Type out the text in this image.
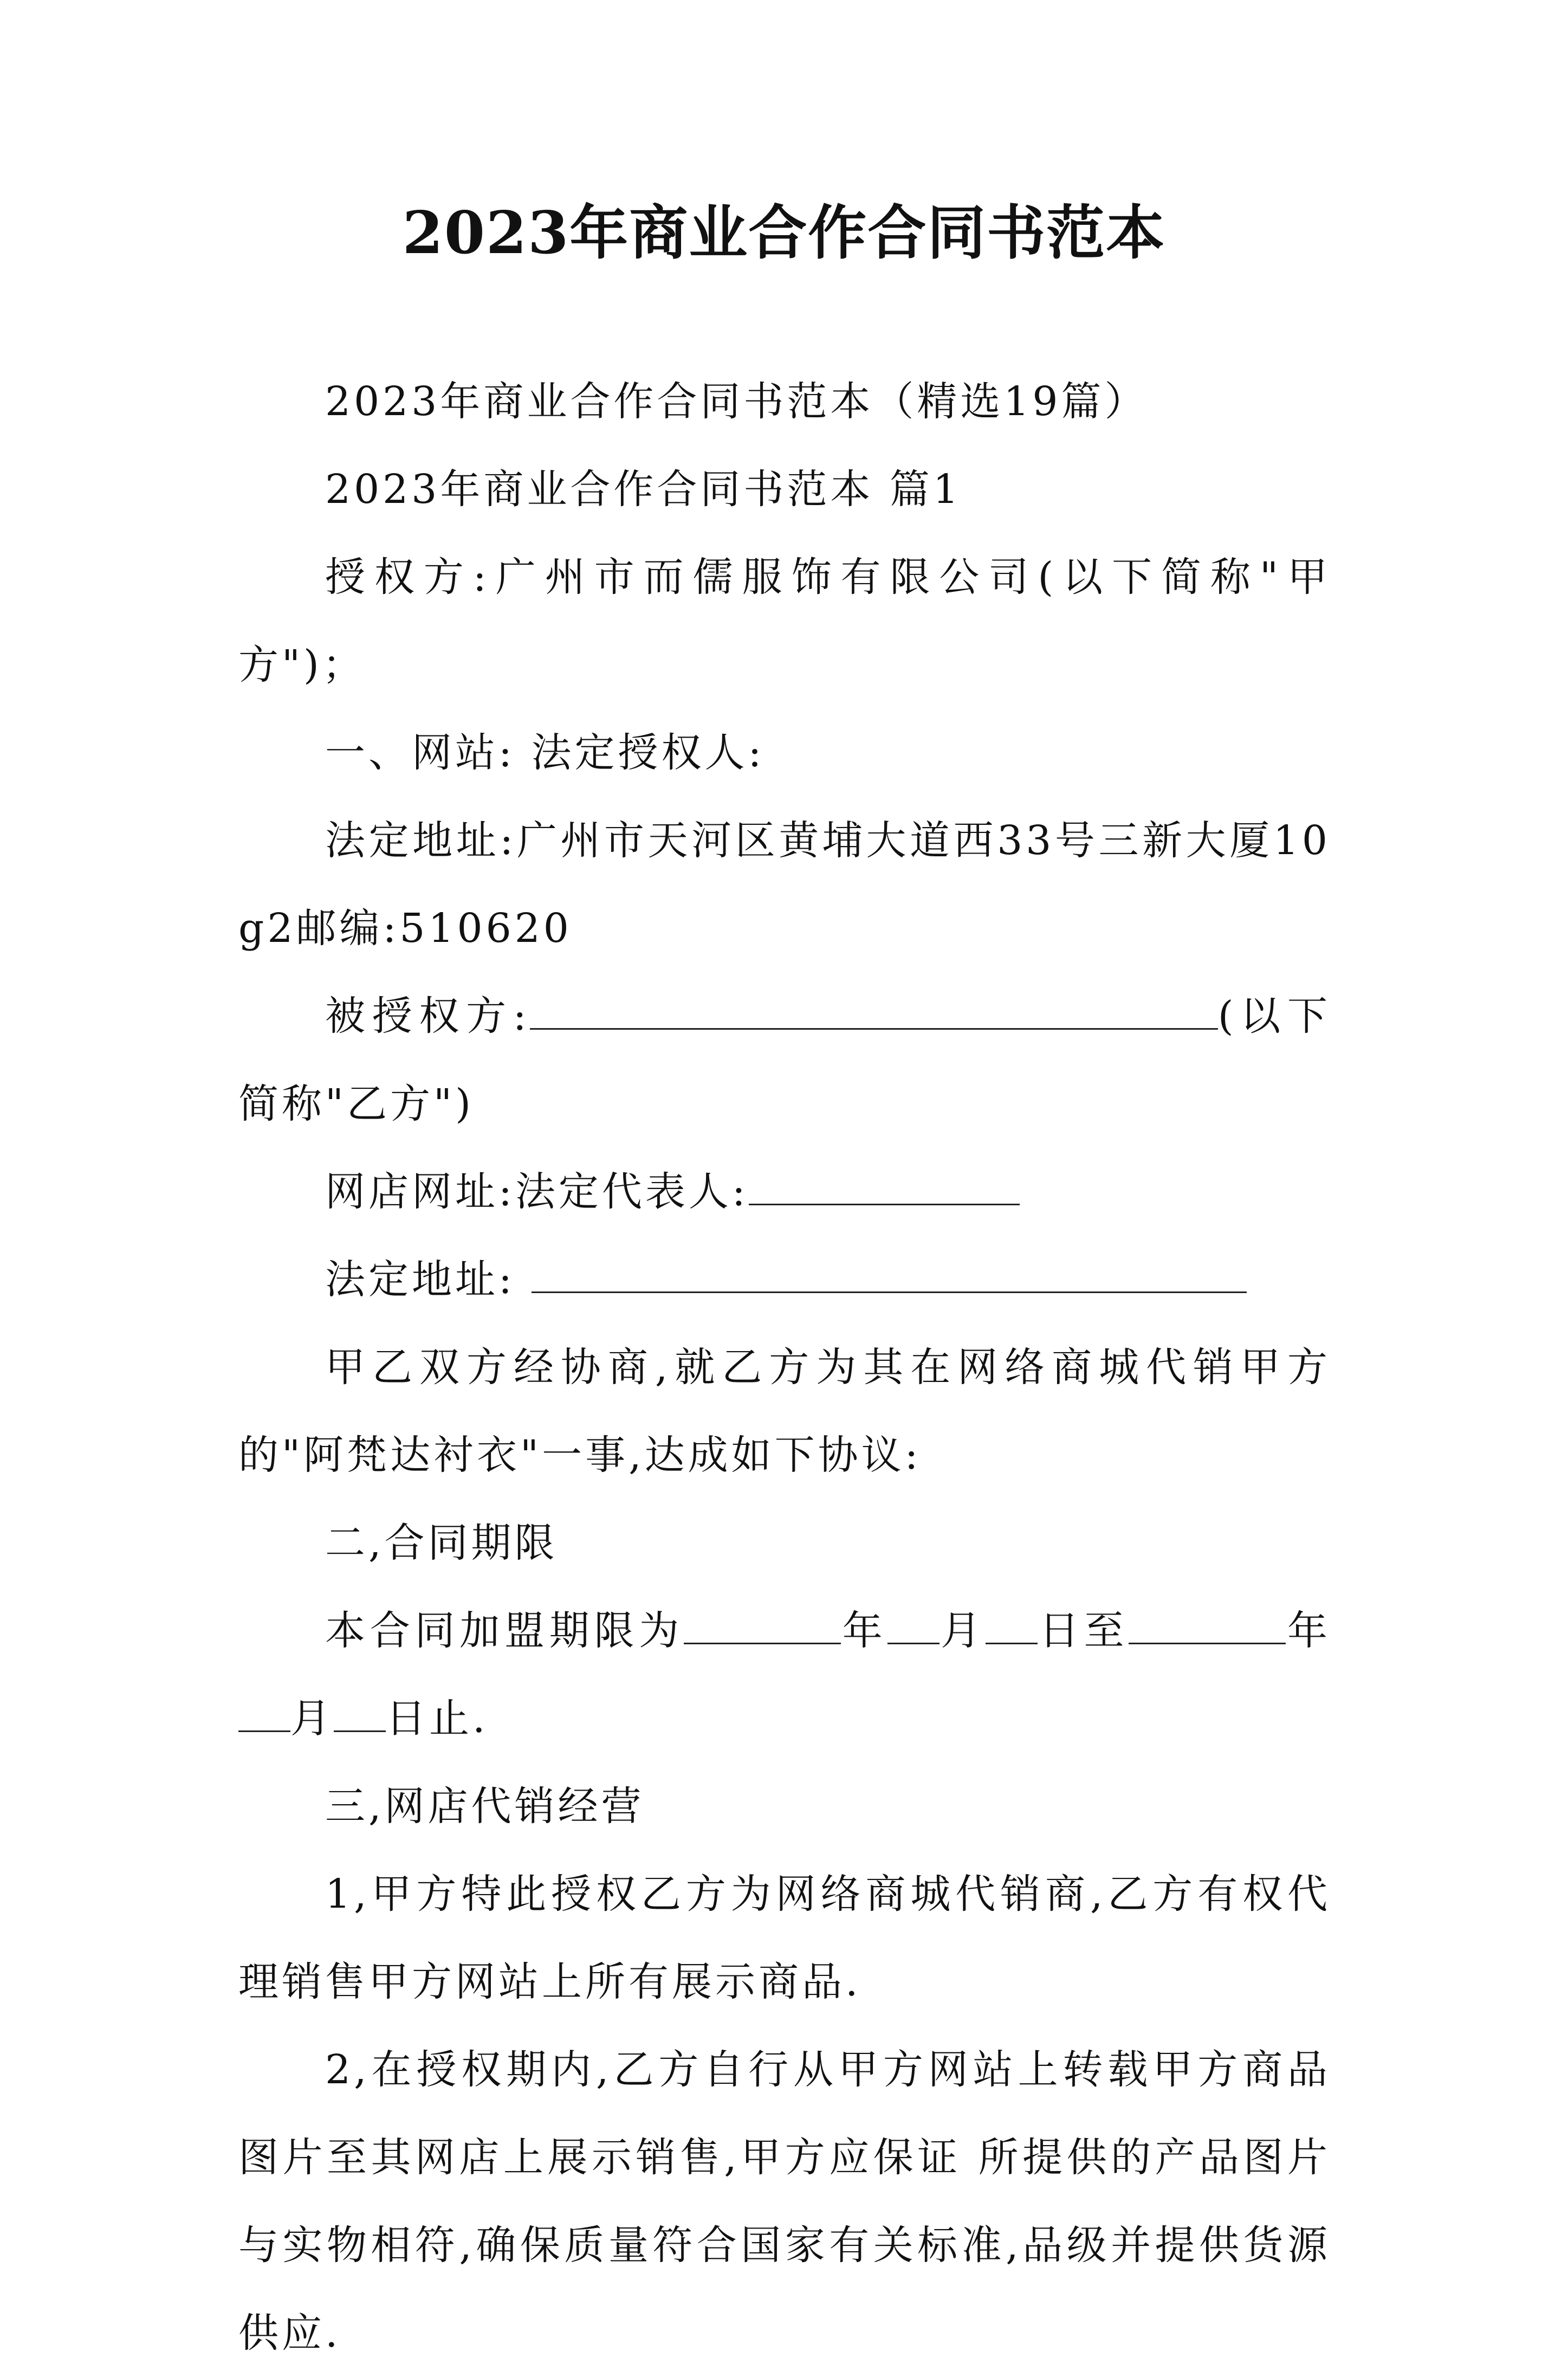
2023年商业合作合同书范本

2023年商业合作合同书范本（精选19篇）

2023年商业合作合同书范本 篇1

授权方:广州市而儒服饰有限公司(以下简称"甲方")；

一、网站: 法定授权人:

法定地址:广州市天河区黄埔大道西33号三新大厦10g2邮编:510620

被授权方:	(以下简称"乙方")

网店网址:法定代表人:

法定地址:

甲乙双方经协商,就乙方为其在网络商城代销甲方的"阿梵达衬衣"一事,达成如下协议:

二,合同期限

本合同加盟期限为	年 月 日至	年月 日止.

三,网店代销经营

1,甲方特此授权乙方为网络商城代销商,乙方有权代理销售甲方网站上所有展示商品.

2,在授权期内,乙方自行从甲方网站上转载甲方商品图片至其网店上展示销售,甲方应保证 所提供的产品图片与实物相符,确保质量符合国家有关标准,品级并提供货源供应.
